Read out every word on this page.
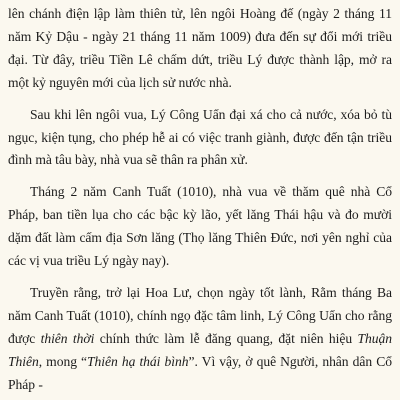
lên chánh điện lập làm thiên tử, lên ngôi Hoàng đế (ngày 2 tháng 11 năm Kỷ Dậu - ngày 21 tháng 11 năm 1009) đưa đến sự đổi mới triều đại. Từ đây, triều Tiền Lê chấm dứt, triều Lý được thành lập, mở ra một kỷ nguyên mới của lịch sử nước nhà.

Sau khi lên ngôi vua, Lý Công Uẩn đại xá cho cả nước, xóa bỏ tù ngục, kiện tụng, cho phép hễ ai có việc tranh giành, được đến tận triều đình mà tâu bày, nhà vua sẽ thân ra phân xử.

Tháng 2 năm Canh Tuất (1010), nhà vua về thăm quê nhà Cổ Pháp, ban tiền lụa cho các bậc kỳ lão, yết lăng Thái hậu và đo mười dặm đất làm cấm địa Sơn lăng (Thọ lăng Thiên Đức, nơi yên nghỉ của các vị vua triều Lý ngày nay).

Truyền rằng, trở lại Hoa Lư, chọn ngày tốt lành, Rằm tháng Ba năm Canh Tuất (1010), chính ngọ đặc tâm linh, Lý Công Uẩn cho rằng được thiên thời chính thức làm lễ đăng quang, đặt niên hiệu Thuận Thiên, mong “Thiên hạ thái bình”. Vì vậy, ở quê Người, nhân dân Cổ Pháp -
